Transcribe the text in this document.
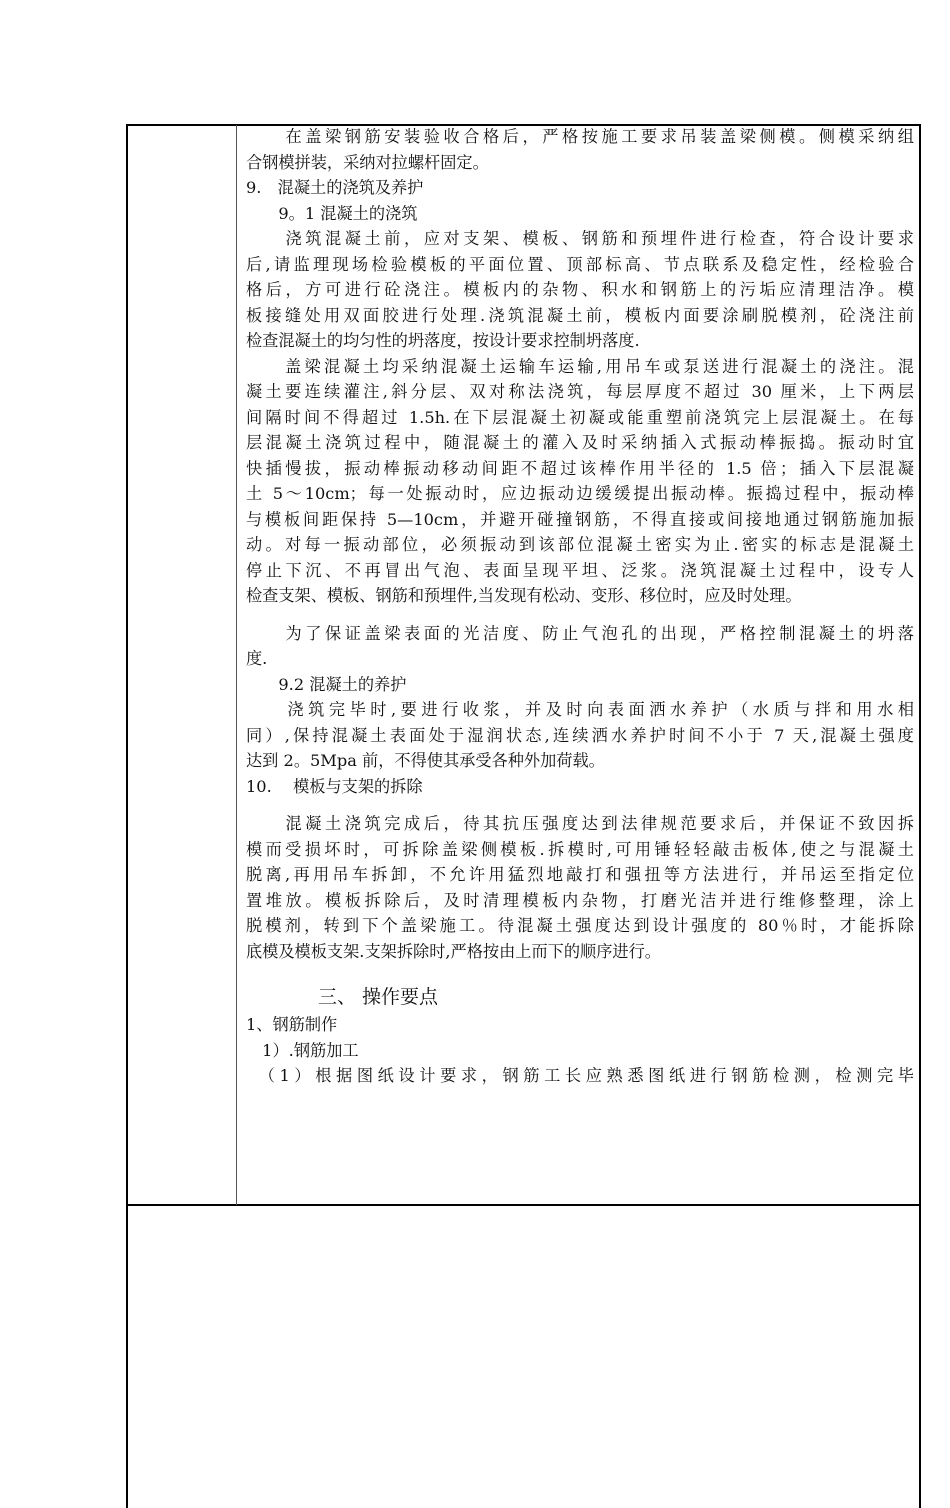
　　在盖梁钢筋安装验收合格后，严格按施工要求吊装盖梁侧模。侧模采纳组
合钢模拼装，采纳对拉螺杆固定。
9.　混凝土的浇筑及养护
　　9。1 混凝土的浇筑
　　浇筑混凝土前，应对支架、模板、钢筋和预埋件进行检查，符合设计要求
后,请监理现场检验模板的平面位置、顶部标高、节点联系及稳定性，经检验合
格后，方可进行砼浇注。模板内的杂物、积水和钢筋上的污垢应清理洁净。模
板接缝处用双面胶进行处理.浇筑混凝土前，模板内面要涂刷脱模剂，砼浇注前
检查混凝土的均匀性的坍落度，按设计要求控制坍落度.
　　盖梁混凝土均采纳混凝土运输车运输,用吊车或泵送进行混凝土的浇注。混
凝土要连续灌注,斜分层、双对称法浇筑，每层厚度不超过 30 厘米，上下两层
间隔时间不得超过 1.5h.在下层混凝土初凝或能重塑前浇筑完上层混凝土。在每
层混凝土浇筑过程中，随混凝土的灌入及时采纳插入式振动棒振捣。振动时宜
快插慢拔，振动棒振动移动间距不超过该棒作用半径的 1.5 倍；插入下层混凝
土 5～10cm；每一处振动时，应边振动边缓缓提出振动棒。振捣过程中，振动棒
与模板间距保持 5—10cm，并避开碰撞钢筋，不得直接或间接地通过钢筋施加振
动。对每一振动部位，必须振动到该部位混凝土密实为止.密实的标志是混凝土
停止下沉、不再冒出气泡、表面呈现平坦、泛浆。浇筑混凝土过程中，设专人
检查支架、模板、钢筋和预埋件,当发现有松动、变形、移位时，应及时处理。
　　为了保证盖梁表面的光洁度、防止气泡孔的出现，严格控制混凝土的坍落
度.
　　9.2 混凝土的养护
　　浇筑完毕时,要进行收浆，并及时向表面洒水养护（水质与拌和用水相
同）,保持混凝土表面处于湿润状态,连续洒水养护时间不小于 7 天,混凝土强度
达到 2。5Mpa 前，不得使其承受各种外加荷载。
10.　 模板与支架的拆除
　　混凝土浇筑完成后，待其抗压强度达到法律规范要求后，并保证不致因拆
模而受损坏时，可拆除盖梁侧模板.拆模时,可用锤轻轻敲击板体,使之与混凝土
脱离,再用吊车拆卸，不允许用猛烈地敲打和强扭等方法进行，并吊运至指定位
置堆放。模板拆除后，及时清理模板内杂物，打磨光洁并进行维修整理，涂上
脱模剂，转到下个盖梁施工。待混凝土强度达到设计强度的 80％时，才能拆除
底模及模板支架.支架拆除时,严格按由上而下的顺序进行。
三、 操作要点
1、钢筋制作
　1）.钢筋加工
　（1）根据图纸设计要求，钢筋工长应熟悉图纸进行钢筋检测，检测完毕
